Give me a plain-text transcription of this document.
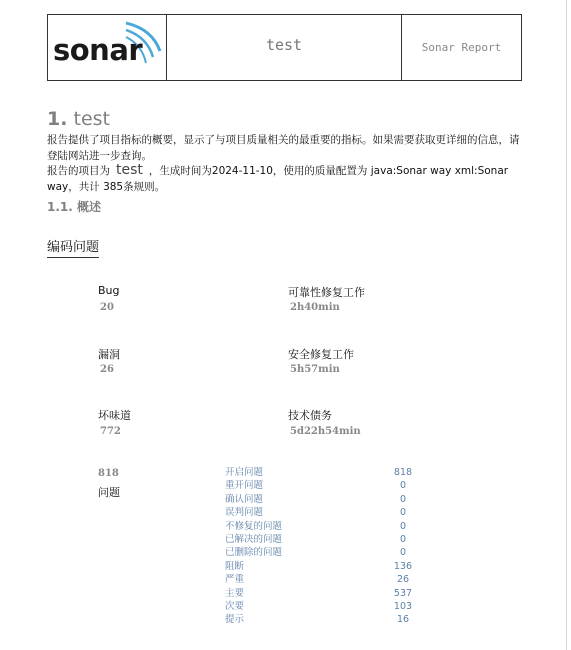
sonar	test	Sonar Report
1. test
报告提供了项目指标的概要，显示了与项目质量相关的最重要的指标。如果需要获取更详细的信息，请登陆网站进一步查询。
报告的项目为 test ，生成时间为2024-11-10，使用的质量配置为 java:Sonar way xml:Sonar way，共计 385条规则。
1.1. 概述
编码问题
Bug
20
可靠性修复工作
2h40min
漏洞
26
安全修复工作
5h57min
坏味道
772
技术债务
5d22h54min
818
问题
开启问题	818
重开问题	0
确认问题	0
误判问题	0
不修复的问题	0
已解决的问题	0
已删除的问题	0
阻断	136
严重	26
主要	537
次要	103
提示	16
